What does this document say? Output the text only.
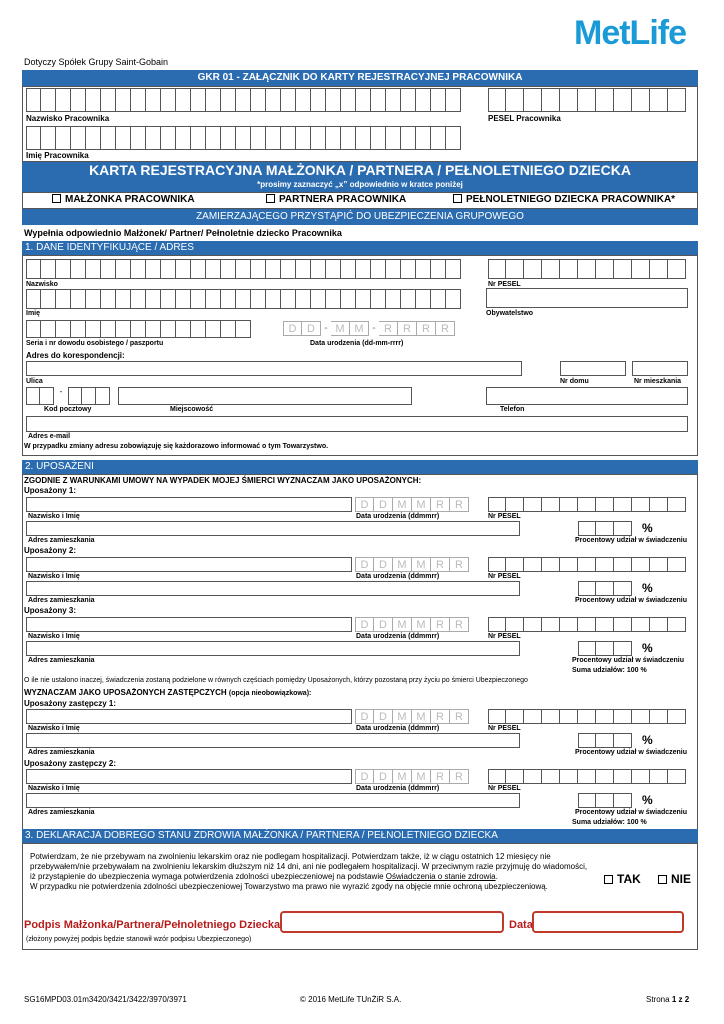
MetLife
Dotyczy Spółek Grupy Saint-Gobain
GKR 01 - ZAŁĄCZNIK DO KARTY REJESTRACYJNEJ PRACOWNIKA
Nazwisko Pracownika	PESEL Pracownika
Imię Pracownika
KARTA REJESTRACYJNA MAŁŻONKA / PARTNERA / PEŁNOLETNIEGO DZIECKA
*prosimy zaznaczyć „x” odpowiednio w kratce poniżej
MAŁŻONKA PRACOWNIKA	PARTNERA PRACOWNIKA	PEŁNOLETNIEGO DZIECKA PRACOWNIKA*
ZAMIERZAJĄCEGO PRZYSTĄPIĆ DO UBEZPIECZENIA GRUPOWEGO
Wypełnia odpowiednio Małżonek/ Partner/ Pełnoletnie dziecko Pracownika
1. DANE IDENTYFIKUJĄCE / ADRES
Nazwisko	Nr PESEL
Imię	Obywatelstwo
D D - M M - R	R	R	R
Seria i nr dowodu osobistego / paszportu	Data urodzenia (dd-mm-rrrr)
Adres do korespondencji:
Ulica	Nr domu	Nr mieszkania
-
Kod pocztowy	Miejscowość	Telefon
Adres e-mail
W przypadku zmiany adresu zobowiązuję się każdorazowo informować o tym Towarzystwo.
2. UPOSAŻENI
ZGODNIE Z WARUNKAMI UMOWY NA WYPADEK MOJEJ ŚMIERCI WYZNACZAM JAKO UPOSAŻONYCH:
Uposażony 1:
D D M M R	R
Nazwisko i Imię	Data urodzenia (ddmmrr)	Nr PESEL
%
Adres zamieszkania	Procentowy udział w świadczeniu
Uposażony 2:
D D M M R	R
Nazwisko i Imię	Data urodzenia (ddmmrr)	Nr PESEL
%
Adres zamieszkania	Procentowy udział w świadczeniu
Uposażony 3:
D D M M R	R
Nazwisko i Imię	Data urodzenia (ddmmrr)	Nr PESEL
%
Adres zamieszkania	Procentowy udział w świadczeniu
Suma udziałów: 100 %
O ile nie ustalono inaczej, świadczenia zostaną podzielone w równych częściach pomiędzy Uposażonych, którzy pozostaną przy życiu po śmierci Ubezpieczonego
WYZNACZAM JAKO UPOSAŻONYCH ZASTĘPCZYCH (opcja nieobowiązkowa):
Uposażony zastępczy 1:
D D M M R	R
Nazwisko i Imię	Data urodzenia (ddmmrr)	Nr PESEL
%
Adres zamieszkania	Procentowy udział w świadczeniu
Uposażony zastępczy 2:
D D M M R	R
Nazwisko i Imię	Data urodzenia (ddmmrr)	Nr PESEL
%
Adres zamieszkania	Procentowy udział w świadczeniu
Suma udziałów: 100 %
3. DEKLARACJA DOBREGO STANU ZDROWIA MAŁŻONKA / PARTNERA / PEŁNOLETNIEGO DZIECKA
Potwierdzam, że nie przebywam na zwolnieniu lekarskim oraz nie podlegam hospitalizacji. Potwierdzam także, iż w ciągu ostatnich 12 miesięcy nie przebywałem/nie przebywałam na zwolnieniu lekarskim dłuższym niż 14 dni, ani nie podlegałem hospitalizacji. W przeciwnym razie przyjmuję do wiadomości, iż przystąpienie do ubezpieczenia wymaga potwierdzenia zdolności ubezpieczeniowej na podstawie Oświadczenia o stanie zdrowia.
W przypadku nie potwierdzenia zdolności ubezpieczeniowej Towarzystwo ma prawo nie wyrazić zgody na objęcie mnie ochroną ubezpieczeniową.
TAK	NIE
Podpis Małżonka/Partnera/Pełnoletniego Dziecka	Data
(złożony powyżej podpis będzie stanowił wzór podpisu Ubezpieczonego)
SG16MPD03.01m3420/3421/3422/3970/3971	© 2016 MetLife TUnŻiR S.A.	Strona 1 z 2
